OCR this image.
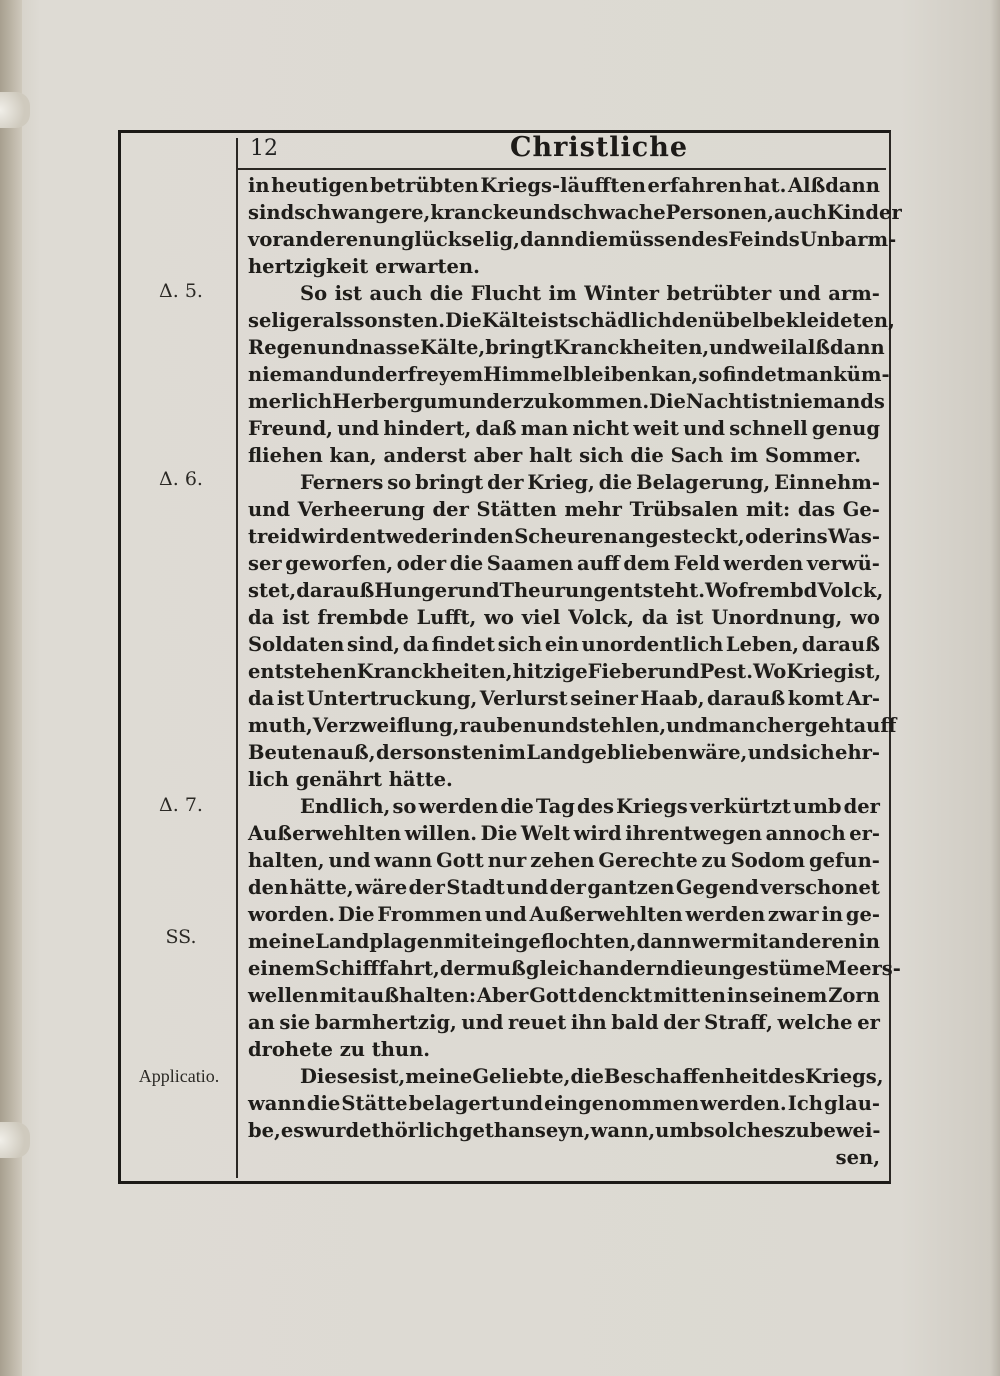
12	Christliche
Δ. 5.
Δ. 6.
Δ. 7.
SS.
Applicatio.
in heutigen betrübten Kriegs-läufften erfahren hat. Alßdann
sind schwangere, krancke und schwache Personen, auch Kinder
vor anderen unglückselig, dann die müssen des Feinds Unbarm-
hertzigkeit erwarten.
So ist auch die Flucht im Winter betrübter und arm-
seliger als sonsten. Die Kälte ist schädlich den übel bekleideten,
Regen und nasse Kälte, bringt Kranckheiten, und weil alßdann
niemand under freyem Himmel bleiben kan, so findet man küm-
merlich Herberg um underzukommen. Die Nacht ist niemands
Freund, und hindert, daß man nicht weit und schnell genug
fliehen kan, anderst aber halt sich die Sach im Sommer.
Ferners so bringt der Krieg, die Belagerung, Einnehm-
und Verheerung der Stätten mehr Trübsalen mit: das Ge-
treid wird entweder in den Scheuren angesteckt, oder ins Was-
ser geworfen, oder die Saamen auff dem Feld werden verwü-
stet, darauß Hunger und Theurung entsteht. Wo frembd Volck,
da ist frembde Lufft, wo viel Volck, da ist Unordnung, wo
Soldaten sind, da findet sich ein unordentlich Leben, darauß
entstehen Kranckheiten, hitzige Fieber und Pest. Wo Krieg ist,
da ist Untertruckung, Verlurst seiner Haab, darauß komt Ar-
muth, Verzweiflung, rauben und stehlen, und mancher geht auff
Beuten auß, der sonsten im Land geblieben wäre, und sich ehr-
lich genährt hätte.
Endlich, so werden die Tag des Kriegs verkürtzt umb der
Außerwehlten willen. Die Welt wird ihrentwegen annoch er-
halten, und wann Gott nur zehen Gerechte zu Sodom gefun-
den hätte, wäre der Stadt und der gantzen Gegend verschonet
worden. Die Frommen und Außerwehlten werden zwar in ge-
meine Landplagen mit eingeflochten, dann wer mit anderen in
einem Schiff fahrt, der muß gleich andern die ungestüme Meers-
wellen mit außhalten: Aber Gott denckt mitten in seinem Zorn
an sie barmhertzig, und reuet ihn bald der Straff, welche er
drohete zu thun.
Dieses ist, meine Geliebte, die Beschaffenheit des Kriegs,
wann die Stätte belagert und eingenommen werden. Ich glau-
be, es wurde thörlich gethan seyn, wann, umb solches zu bewei-
sen,
